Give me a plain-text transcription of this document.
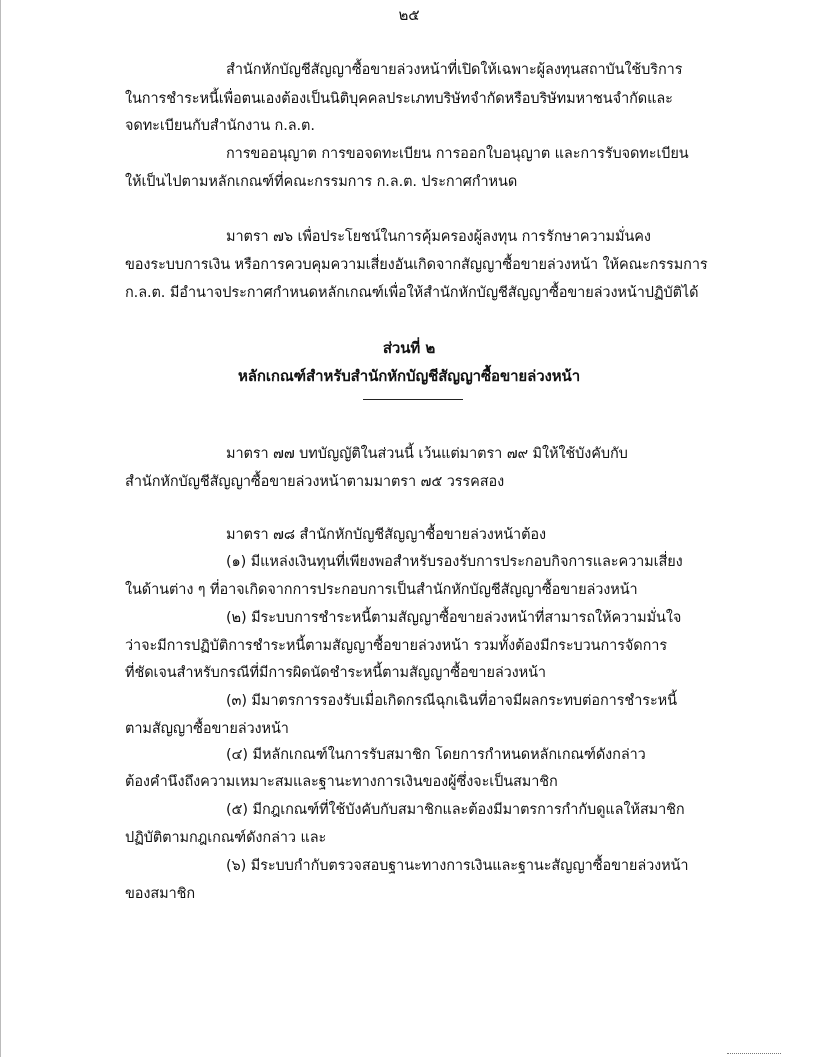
๒๕
สำนักหักบัญชีสัญญาซื้อขายล่วงหน้าที่เปิดให้เฉพาะผู้ลงทุนสถาบันใช้บริการ
ในการชำระหนี้เพื่อตนเองต้องเป็นนิติบุคคลประเภทบริษัทจำกัดหรือบริษัทมหาชนจำกัดและ
จดทะเบียนกับสำนักงาน ก.ล.ต.
การขออนุญาต การขอจดทะเบียน การออกใบอนุญาต และการรับจดทะเบียน
ให้เป็นไปตามหลักเกณฑ์ที่คณะกรรมการ ก.ล.ต. ประกาศกำหนด
มาตรา ๗๖ เพื่อประโยชน์ในการคุ้มครองผู้ลงทุน การรักษาความมั่นคง
ของระบบการเงิน หรือการควบคุมความเสี่ยงอันเกิดจากสัญญาซื้อขายล่วงหน้า ให้คณะกรรมการ
ก.ล.ต. มีอำนาจประกาศกำหนดหลักเกณฑ์เพื่อให้สำนักหักบัญชีสัญญาซื้อขายล่วงหน้าปฏิบัติได้
ส่วนที่ ๒
หลักเกณฑ์สำหรับสำนักหักบัญชีสัญญาซื้อขายล่วงหน้า
มาตรา ๗๗ บทบัญญัติในส่วนนี้ เว้นแต่มาตรา ๗๙ มิให้ใช้บังคับกับ
สำนักหักบัญชีสัญญาซื้อขายล่วงหน้าตามมาตรา ๗๕ วรรคสอง
มาตรา ๗๘ สำนักหักบัญชีสัญญาซื้อขายล่วงหน้าต้อง
(๑) มีแหล่งเงินทุนที่เพียงพอสำหรับรองรับการประกอบกิจการและความเสี่ยง
ในด้านต่าง ๆ ที่อาจเกิดจากการประกอบการเป็นสำนักหักบัญชีสัญญาซื้อขายล่วงหน้า
(๒) มีระบบการชำระหนี้ตามสัญญาซื้อขายล่วงหน้าที่สามารถให้ความมั่นใจ
ว่าจะมีการปฏิบัติการชำระหนี้ตามสัญญาซื้อขายล่วงหน้า รวมทั้งต้องมีกระบวนการจัดการ
ที่ชัดเจนสำหรับกรณีที่มีการผิดนัดชำระหนี้ตามสัญญาซื้อขายล่วงหน้า
(๓) มีมาตรการรองรับเมื่อเกิดกรณีฉุกเฉินที่อาจมีผลกระทบต่อการชำระหนี้
ตามสัญญาซื้อขายล่วงหน้า
(๔) มีหลักเกณฑ์ในการรับสมาชิก โดยการกำหนดหลักเกณฑ์ดังกล่าว
ต้องคำนึงถึงความเหมาะสมและฐานะทางการเงินของผู้ซึ่งจะเป็นสมาชิก
(๕) มีกฎเกณฑ์ที่ใช้บังคับกับสมาชิกและต้องมีมาตรการกำกับดูแลให้สมาชิก
ปฏิบัติตามกฎเกณฑ์ดังกล่าว และ
(๖) มีระบบกำกับตรวจสอบฐานะทางการเงินและฐานะสัญญาซื้อขายล่วงหน้า
ของสมาชิก
